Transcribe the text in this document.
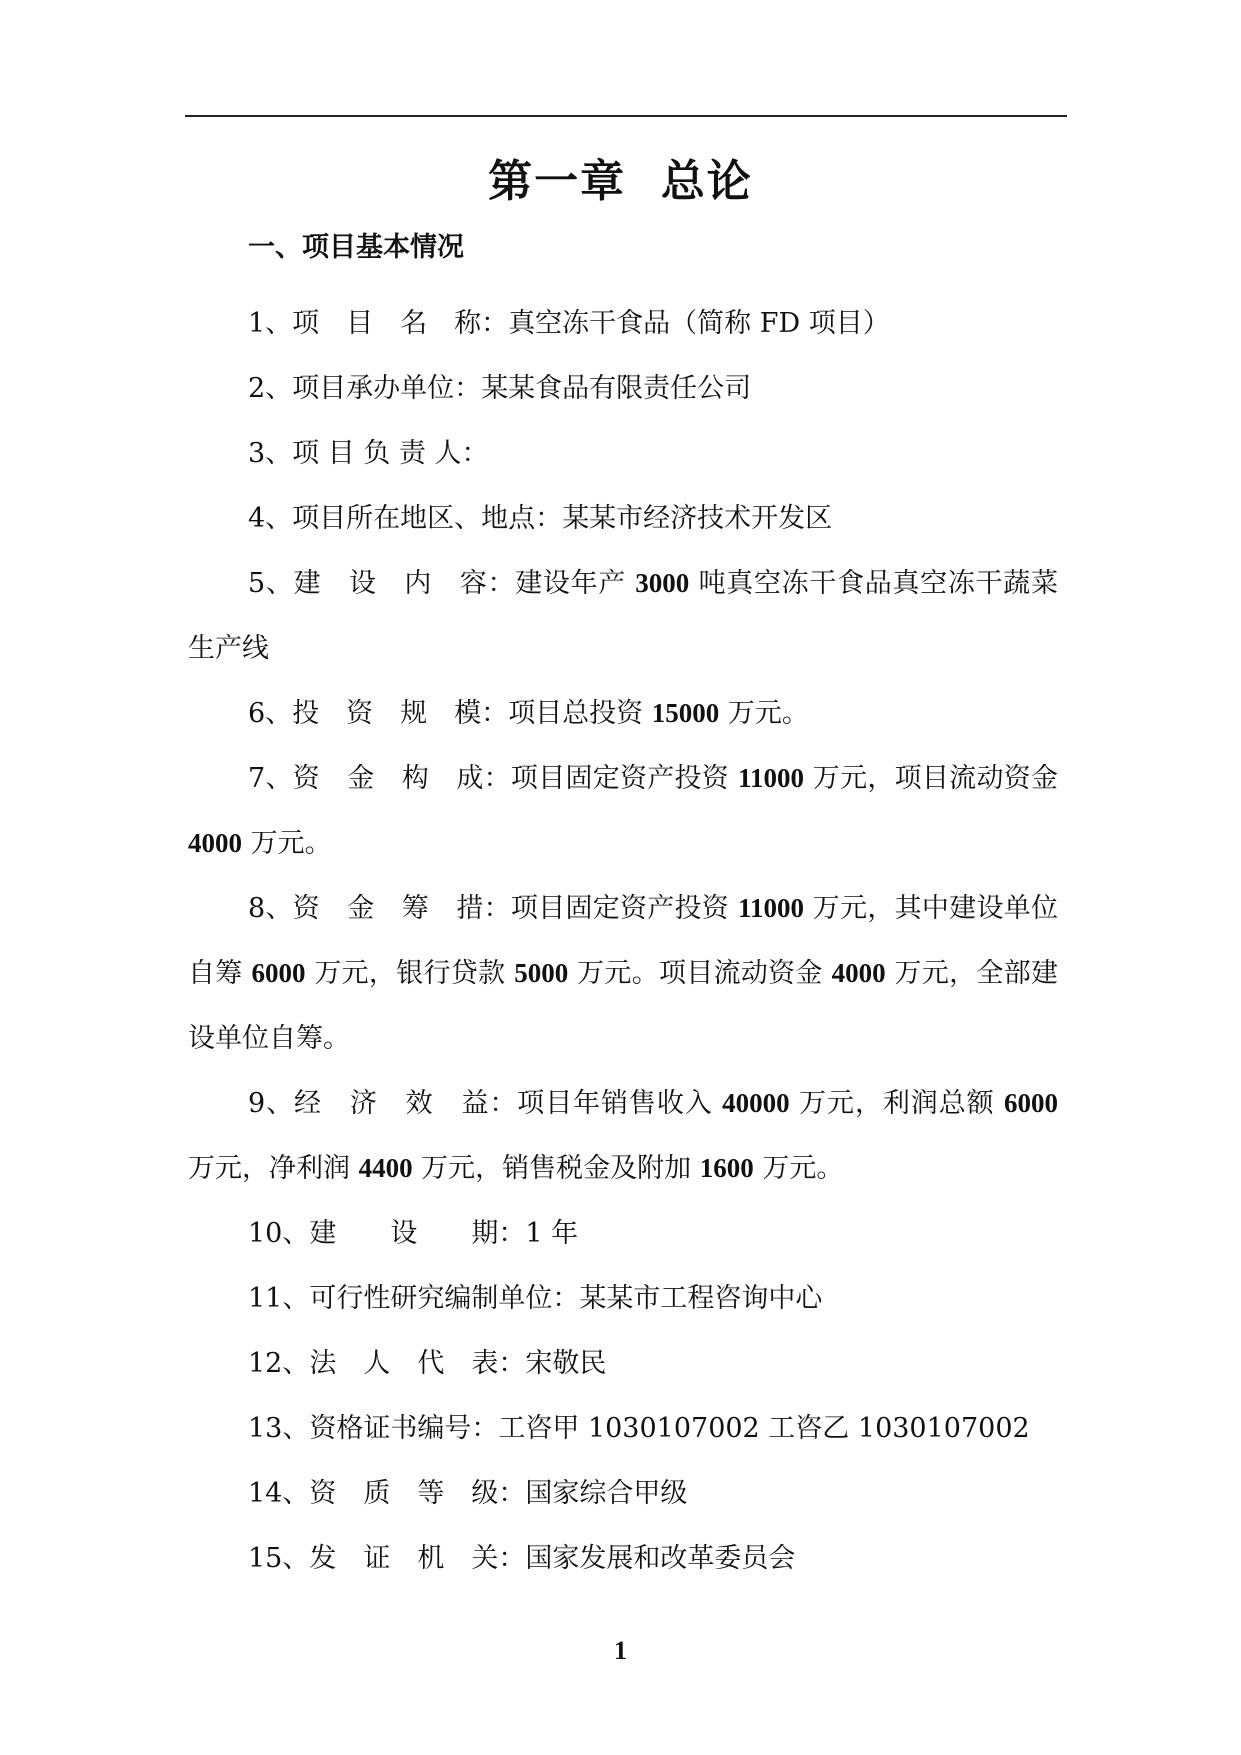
第一章 总论
一、项目基本情况

1、项　目　名　称：真空冻干食品（简称 FD 项目）

2、项目承办单位：某某食品有限责任公司

3、项 目 负 责 人：

4、项目所在地区、地点：某某市经济技术开发区

5、建　设　内　容：建设年产 3000 吨真空冻干食品真空冻干蔬菜生产线

6、投　资　规　模：项目总投资 15000 万元。

7、资　金　构　成：项目固定资产投资 11000 万元，项目流动资金 4000 万元。

8、资　金　筹　措：项目固定资产投资 11000 万元，其中建设单位自筹 6000 万元，银行贷款 5000 万元。项目流动资金 4000 万元，全部建设单位自筹。

9、经　济　效　益：项目年销售收入 40000 万元，利润总额 6000 万元，净利润 4400 万元，销售税金及附加 1600 万元。

10、建　　设　　期：1 年

11、可行性研究编制单位：某某市工程咨询中心

12、法　人　代　表：宋敬民

13、资格证书编号：工咨甲 1030107002 工咨乙 1030107002

14、资　质　等　级：国家综合甲级

15、发　证　机　关：国家发展和改革委员会

1
